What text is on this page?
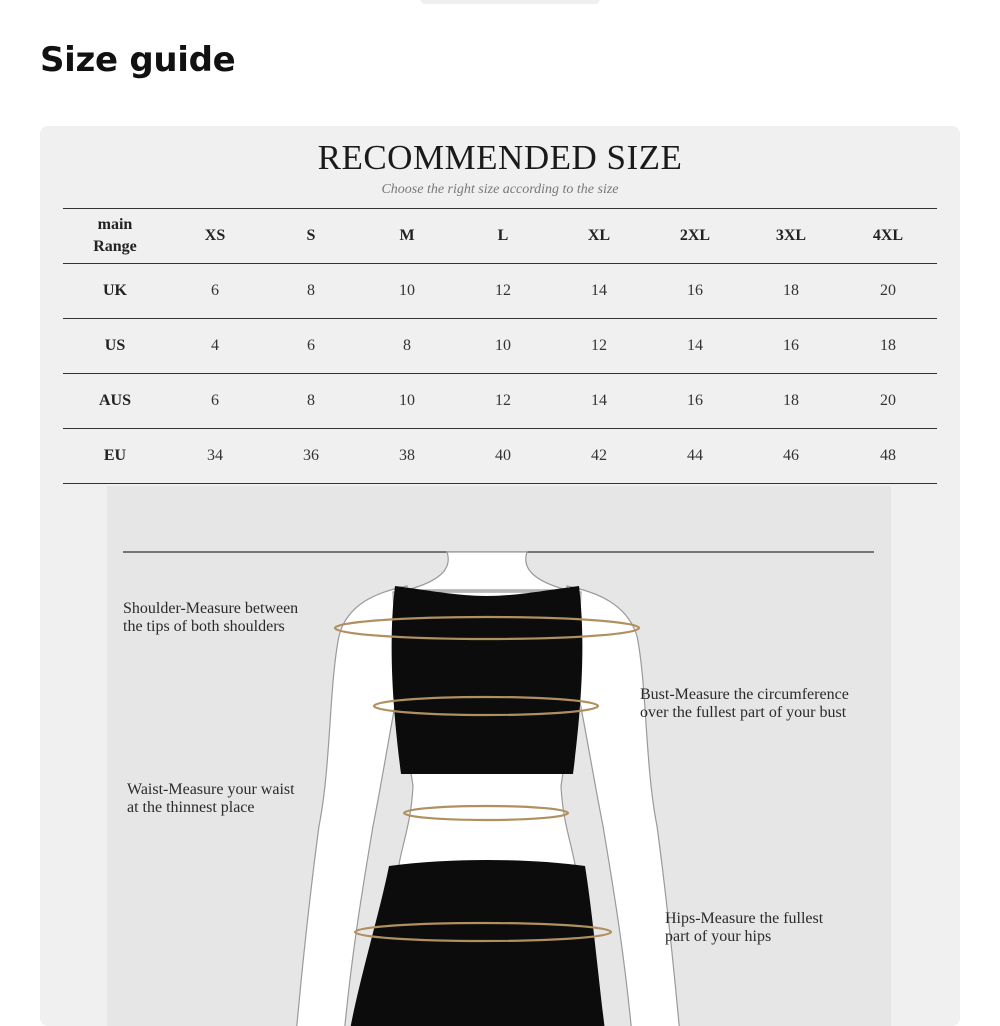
Size guide
RECOMMENDED SIZE
Choose the right size according to the size
main
Range	XS	S	M	L	XL	2XL	3XL	4XL
UK	6	8	10	12	14	16	18	20
US	4	6	8	10	12	14	16	18
AUS	6	8	10	12	14	16	18	20
EU	34	36	38	40	42	44	46	48

Shoulder-Measure between
the tips of both shoulders

Bust-Measure the circumference
over the fullest part of your bust

Waist-Measure your waist
at the thinnest place

Hips-Measure the fullest
part of your hips
